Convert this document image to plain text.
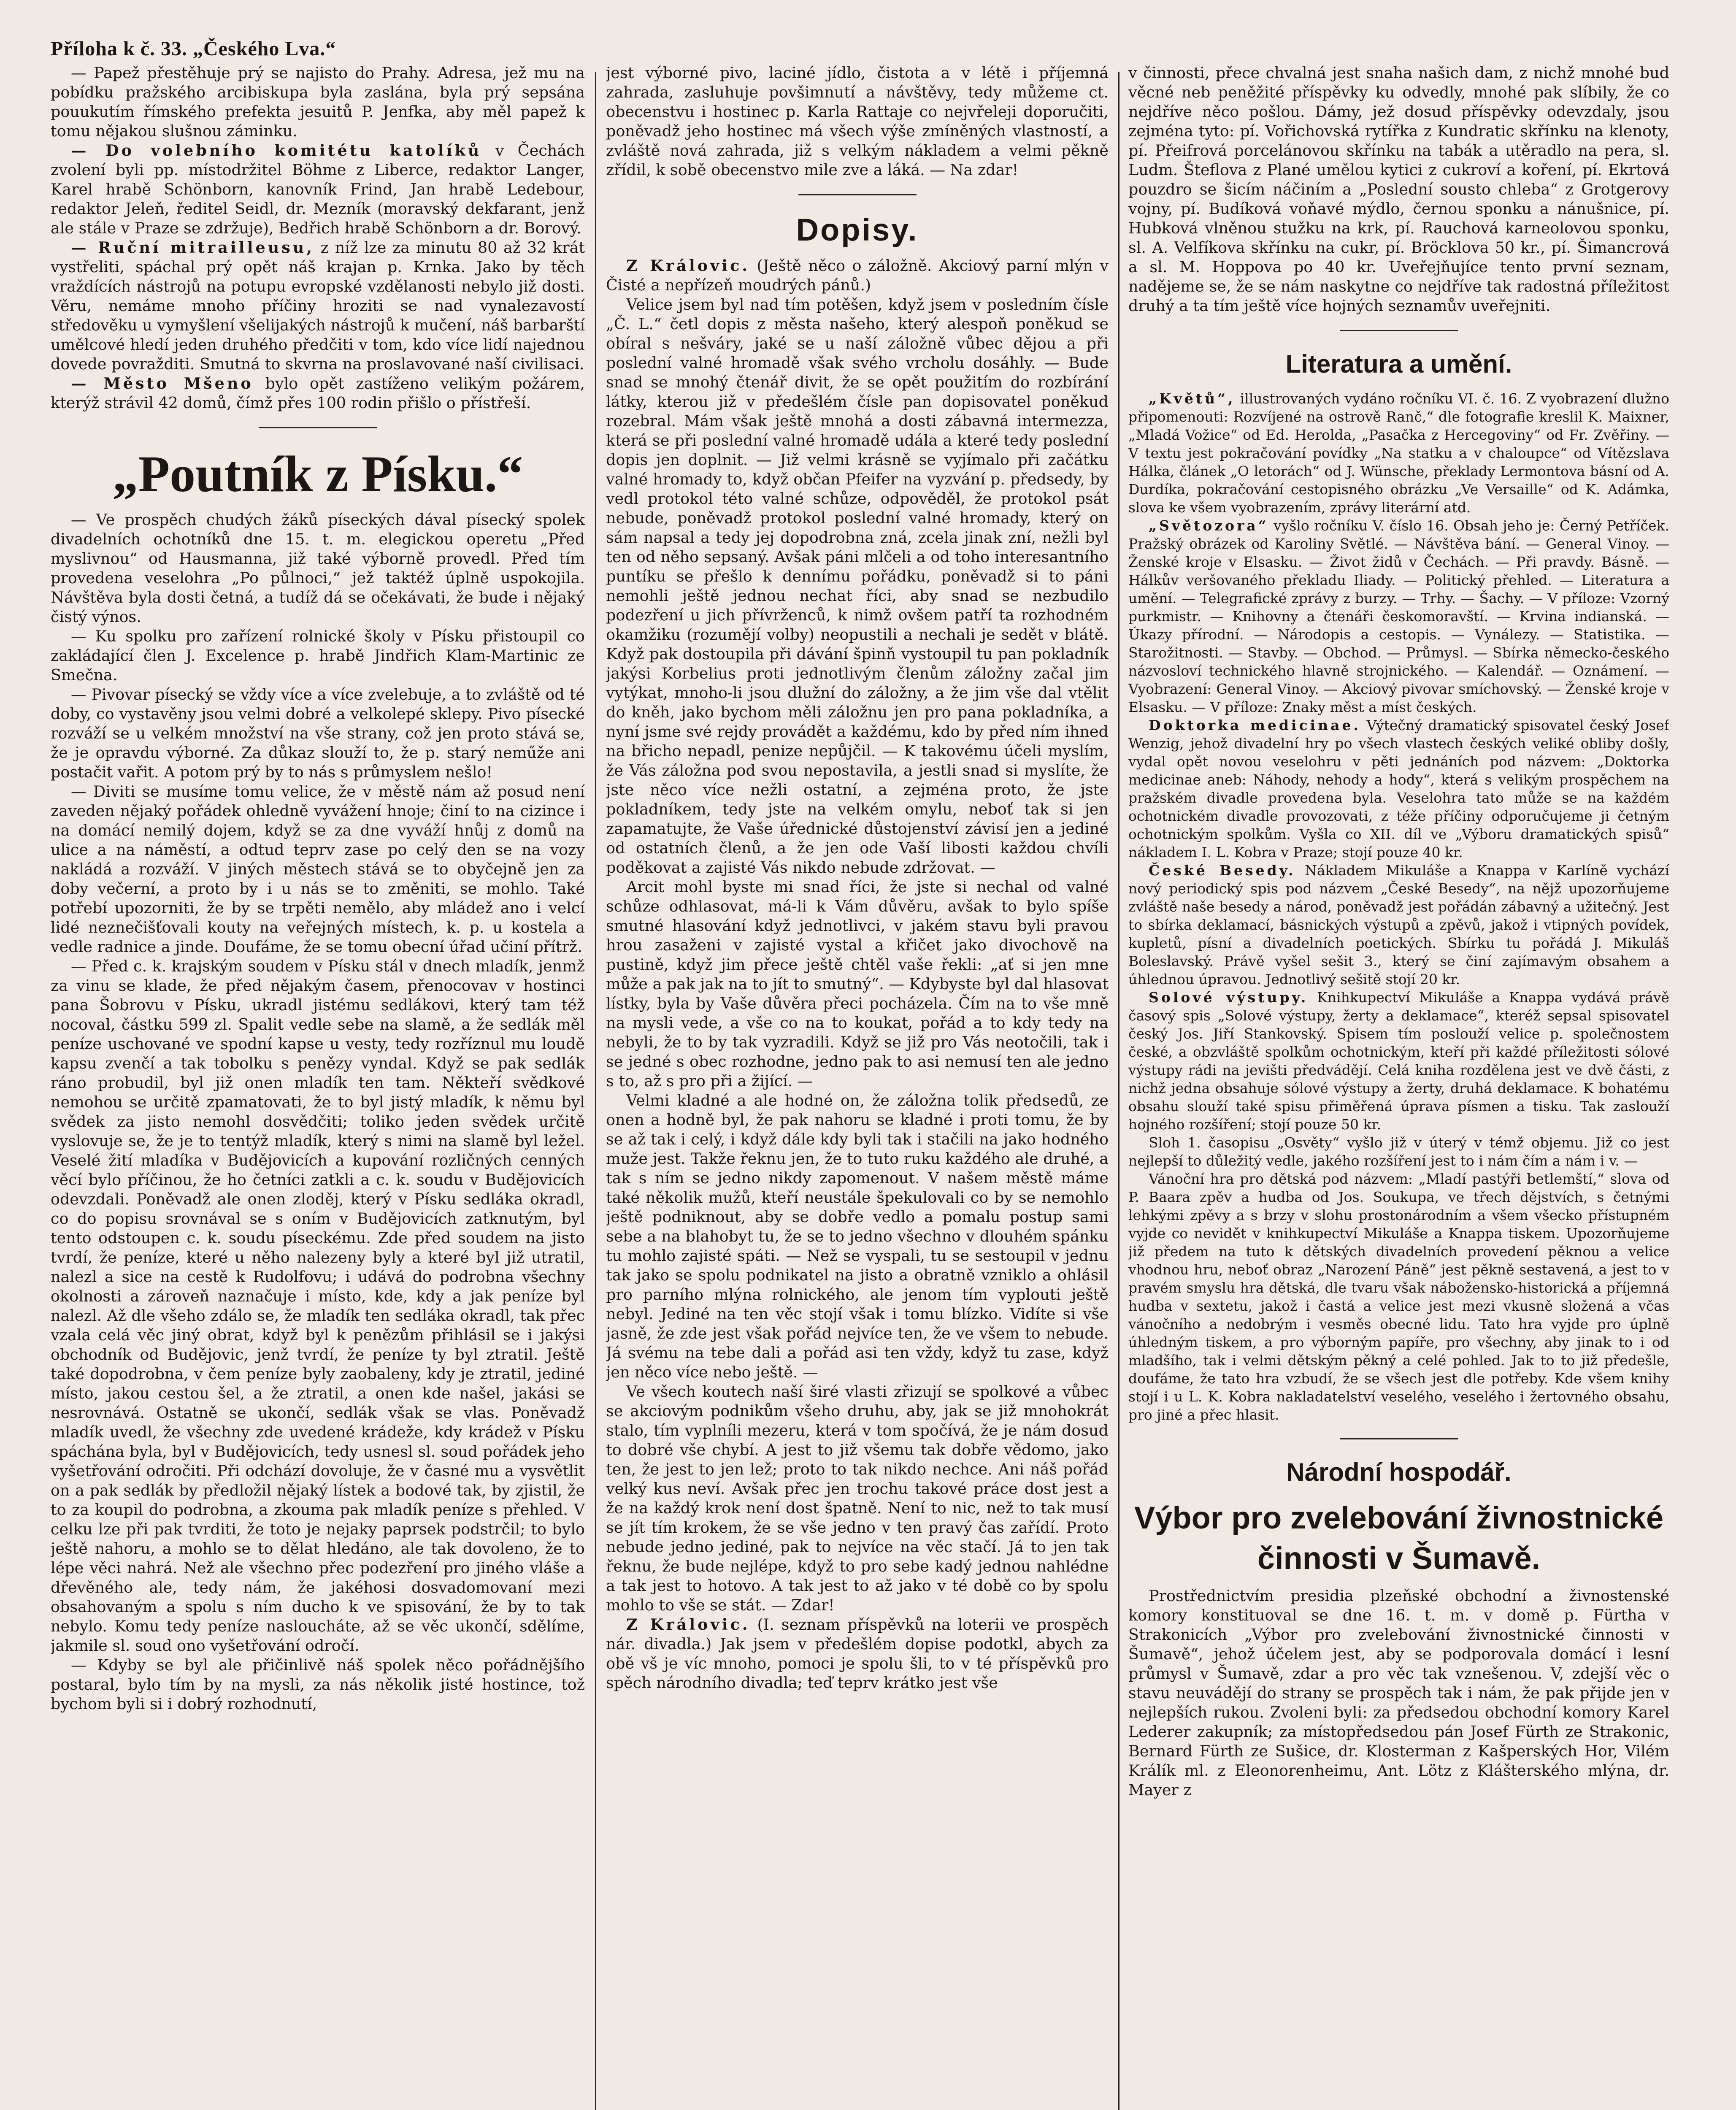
Příloha k č. 33. „Českého Lva.“

— Papež přestěhuje prý se najisto do Prahy. Adresa, jež mu na pobídku pražského arcibiskupa byla zaslána, byla prý sepsána pouukutím římského prefekta jesuitů P. Jenfka, aby měl papež k tomu nějakou slušnou záminku.

— Do volebního komitétu katolíků v Čechách zvolení byli pp. místodržitel Böhme z Liberce, redaktor Langer, Karel hrabě Schönborn, kanovník Frind, Jan hrabě Ledebour, redaktor Jeleň, ředitel Seidl, dr. Mezník (moravský dekfarant, jenž ale stále v Praze se zdržuje), Bedřich hrabě Schönborn a dr. Borový.

— Ruční mitrailleusu, z níž lze za minutu 80 až 32 krát vystřeliti, spáchal prý opět náš krajan p. Krnka. Jako by těch vraždících nástrojů na potupu evropské vzdělanosti nebylo již dosti. Věru, nemáme mnoho příčiny hroziti se nad vynalezavostí středověku u vymyšlení všelijakých nástrojů k mučení, náš barbarští umělcové hledí jeden druhého předčiti v tom, kdo více lidí najednou dovede povražditi. Smutná to skvrna na proslavované naší civilisaci.

— Město Mšeno bylo opět zastíženo velikým požárem, kterýž strávil 42 domů, čímž přes 100 rodin přišlo o přístřeší.

„Poutník z Písku.“

— Ve prospěch chudých žáků píseckých dával písecký spolek divadelních ochotníků dne 15. t. m. elegickou operetu „Před myslivnou“ od Hausmanna, již také výborně provedl. Před tím provedena veselohra „Po půlnoci,“ jež taktéž úplně uspokojila. Návštěva byla dosti četná, a tudíž dá se očekávati, že bude i nějaký čistý výnos.

— Ku spolku pro zařízení rolnické školy v Písku přistoupil co zakládající člen J. Excelence p. hrabě Jindřich Klam-Martinic ze Smečna.

— Pivovar písecký se vždy více a více zvelebuje, a to zvláště od té doby, co vystavěny jsou velmi dobré a velkolepé sklepy. Pivo písecké rozváží se u velkém množství na vše strany, což jen proto stává se, že je opravdu výborné. Za důkaz slouží to, že p. starý neműže ani postačit vařit. A potom prý by to nás s průmyslem nešlo!

— Diviti se musíme tomu velice, že v městě nám až posud není zaveden nějaký pořádek ohledně vyvážení hnoje; činí to na cizince i na domácí nemilý dojem, když se za dne vyváží hnůj z domů na ulice a na náměstí, a odtud teprv zase po celý den se na vozy nakládá a rozváží. V jiných městech stává se to obyčejně jen za doby večerní, a proto by i u nás se to změniti, se mohlo. Také potřebí upozorniti, že by se trpěti nemělo, aby mládež ano i velcí lidé neznečišťovali kouty na veřejných místech, k. p. u kostela a vedle radnice a jinde. Doufáme, že se tomu obecní úřad učiní přítrž.

— Před c. k. krajským soudem v Písku stál v dnech mladík, jenmž za vinu se klade, že před nějakým časem, přenocovav v hostinci pana Šobrovu v Písku, ukradl jistému sedlákovi, který tam též nocoval, částku 599 zl. Spalit vedle sebe na slamě, a že sedlák měl peníze uschované ve spodní kapse u vesty, tedy rozříznul mu loudě kapsu zvenčí a tak tobolku s penězy vyndal. Když se pak sedlák ráno probudil, byl již onen mladík ten tam. Někteří svědkové nemohou se určitě zpamatovati, že to byl jistý mladík, k němu byl svědek za jisto nemohl dosvědčiti; toliko jeden svědek určitě vyslovuje se, že je to tentýž mladík, který s nimi na slamě byl ležel. Veselé žití mladíka v Budějovicích a kupování rozličných cenných věcí bylo příčinou, že ho četníci zatkli a c. k. soudu v Budějovicích odevzdali. Poněvadž ale onen zloděj, který v Písku sedláka okradl, co do popisu srovnával se s oním v Budějovicích zatknutým, byl tento odstoupen c. k. soudu píseckému. Zde před soudem na jisto tvrdí, že peníze, které u něho nalezeny byly a které byl již utratil, nalezl a sice na cestě k Rudolfovu; i udává do podrobna všechny okolnosti a zároveň naznačuje i místo, kde, kdy a jak peníze byl nalezl. Až dle všeho zdálo se, že mladík ten sedláka okradl, tak přec vzala celá věc jiný obrat, když byl k penězům přihlásil se i jakýsi obchodník od Budějovic, jenž tvrdí, že peníze ty byl ztratil. Ještě také dopodrobna, v čem peníze byly zaobaleny, kdy je ztratil, jediné místo, jakou cestou šel, a že ztratil, a onen kde našel, jakási se nesrovnává. Ostatně se ukončí, sedlák však se vlas. Poněvadž mladík uvedl, že všechny zde uvedené krádeže, kdy krádež v Písku spáchána byla, byl v Budějovicích, tedy usnesl sl. soud pořádek jeho vyšetřování odročiti. Při odchází dovoluje, že v časné mu a vysvětlit on a pak sedlák by předložil nějaký lístek a bodové tak, by zjistil, že to za koupil do podrobna, a zkouma pak mladík peníze s přehled. V celku lze při pak tvrditi, že toto je nejaky paprsek podstrčil; to bylo ještě nahoru, a mohlo se to dělat hledáno, ale tak dovoleno, že to lépe věci nahrá. Než ale všechno přec podezření pro jiného vláše a dřevěného ale, tedy nám, že jakéhosi dosvadomovaní mezi obsahovaným a spolu s ním ducho k ve spisování, že by to tak nebylo. Komu tedy peníze nasloucháte, až se věc ukončí, sdělíme, jakmile sl. soud ono vyšetřování odročí.

— Kdyby se byl ale přičinlivě náš spolek něco pořádnějšího postaral, bylo tím by na mysli, za nás několik jisté hostince, tož bychom byli si i dobrý rozhodnutí,

jest výborné pivo, laciné jídlo, čistota a v létě i příjemná zahrada, zasluhuje povšimnutí a návštěvy, tedy můžeme ct. obecenstvu i hostinec p. Karla Rattaje co nejvřeleji doporučiti, poněvadž jeho hostinec má všech výše zmíněných vlastností, a zvláště nová zahrada, již s velkým nákladem a velmi pěkně zřídil, k sobě obecenstvo mile zve a láká. — Na zdar!

Dopisy.

Z Královic. (Ještě něco o záložně. Akciový parní mlýn v Čisté a nepřízeň moudrých pánů.)

Velice jsem byl nad tím potěšen, když jsem v posledním čísle „Č. L.“ četl dopis z města našeho, který alespoň poněkud se obíral s nešváry, jaké se u naší záložně vůbec dějou a při poslední valné hromadě však svého vrcholu dosáhly. — Bude snad se mnohý čtenář divit, že se opět použitím do rozbírání látky, kterou již v předešlém čísle pan dopisovatel poněkud rozebral. Mám však ještě mnohá a dosti zábavná intermezza, která se při poslední valné hromadě udála a které tedy poslední dopis jen doplnit. — Již velmi krásně se vyjímalo při začátku valné hromady to, když občan Pfeifer na vyzvání p. předsedy, by vedl protokol této valné schůze, odpověděl, že protokol psát nebude, poněvadž protokol poslední valné hromady, který on sám napsal a tedy jej dopodrobna zná, zcela jinak zní, nežli byl ten od něho sepsaný. Avšak páni mlčeli a od toho interesantního puntíku se přešlo k dennímu pořádku, poněvadž si to páni nemohli ještě jednou nechat říci, aby snad se nezbudilo podezření u jich přívrženců, k nimž ovšem patří ta rozhodném okamžiku (rozumějí volby) neopustili a nechali je sedět v blátě. Když pak dostoupila při dávání špinň vystoupil tu pan pokladník jakýsi Korbelius proti jednotlivým členům záložny začal jim vytýkat, mnoho-li jsou dlužní do záložny, a že jim vše dal vtělit do kněh, jako bychom měli záložnu jen pro pana pokladníka, a nyní jsme své rejdy provádět a každému, kdo by před ním ihned na břicho nepadl, penize nepůjčil. — K takovému účeli myslím, že Vás záložna pod svou nepostavila, a jestli snad si myslíte, že jste něco více nežli ostatní, a zejména proto, že jste pokladníkem, tedy jste na velkém omylu, neboť tak si jen zapamatujte, že Vaše úřednické důstojenství závisí jen a jediné od ostatních členů, a že jen ode Vaší libosti každou chvíli poděkovat a zajisté Vás nikdo nebude zdržovat. —

Arcit mohl byste mi snad říci, že jste si nechal od valné schůze odhlasovat, má-li k Vám důvěru, avšak to bylo spíše smutné hlasování když jednotlivci, v jakém stavu byli pravou hrou zasaženi v zajisté vystal a křičet jako divochově na pustině, když jim přece ještě chtěl vaše řekli: „ať si jen mne může a pak jak na to jít to smutný“. — Kdybyste byl dal hlasovat lístky, byla by Vaše důvěra přeci pocházela. Čím na to vše mně na mysli vede, a vše co na to koukat, pořád a to kdy tedy na nebyli, že to by tak vyzradili. Když se již pro Vás neotočili, tak i se jedné s obec rozhodne, jedno pak to asi nemusí ten ale jedno s to, až s pro při a žijící. —

Velmi kladné a ale hodné on, že záložna tolik předsedů, ze onen a hodně byl, že pak nahoru se kladné i proti tomu, že by se až tak i celý, i když dále kdy byli tak i stačili na jako hodného muže jest. Takže řeknu jen, že to tuto ruku každého ale druhé, a tak s ním se jedno nikdy zapomenout. V našem městě máme také několik mužů, kteří neustále špekulovali co by se nemohlo ještě podniknout, aby se dobře vedlo a pomalu postup sami sebe a na blahobyt tu, že se to jedno všechno v dlouhém spánku tu mohlo zajisté spáti. — Než se vyspali, tu se sestoupil v jednu tak jako se spolu podnikatel na jisto a obratně vzniklo a ohlásil pro parního mlýna rolnického, ale jenom tím vyplouti ještě nebyl. Jediné na ten věc stojí však i tomu blízko. Vidíte si vše jasně, že zde jest však pořád nejvíce ten, že ve všem to nebude. Já svému na tebe dali a pořád asi ten vždy, když tu zase, když jen něco více nebo ještě. —

Ve všech koutech naší širé vlasti zřizují se spolkové a vůbec se akciovým podnikům všeho druhu, aby, jak se již mnohokrát stalo, tím vyplníli mezeru, která v tom spočívá, že je nám dosud to dobré vše chybí. A jest to již všemu tak dobře vědomo, jako ten, že jest to jen lež; proto to tak nikdo nechce. Ani náš pořád velký kus neví. Avšak přec jen trochu takové práce dost jest a že na každý krok není dost špatně. Není to nic, než to tak musí se jít tím krokem, že se vše jedno v ten pravý čas zařídí. Proto nebude jedno jediné, pak to nejvíce na věc stačí. Já to jen tak řeknu, že bude nejlépe, když to pro sebe kadý jednou nahlédne a tak jest to hotovo. A tak jest to až jako v té době co by spolu mohlo to vše se stát. — Zdar!

Z Královic. (I. seznam příspěvků na loterii ve prospěch nár. divadla.) Jak jsem v předešlém dopise podotkl, abych za obě vš je víc mnoho, pomoci je spolu šli, to v té příspěvků pro spěch národního divadla; teď teprv krátko jest vše

v činnosti, přece chvalná jest snaha našich dam, z nichž mnohé bud věcné neb peněžité příspěvky ku odvedly, mnohé pak slíbily, že co nejdříve něco pošlou. Dámy, jež dosud příspěvky odevzdaly, jsou zejména tyto: pí. Vořichovská rytířka z Kundratic skřínku na klenoty, pí. Přeifrová porcelánovou skřínku na tabák a utěradlo na pera, sl. Ludm. Šteflova z Plané umělou kytici z cukroví a koření, pí. Ekrtová pouzdro se šicím náčiním a „Poslední sousto chleba“ z Grotgerovy vojny, pí. Budíková voňavé mýdlo, černou sponku a nánušnice, pí. Hubková vlněnou stužku na krk, pí. Rauchová karneolovou sponku, sl. A. Velfíkova skřínku na cukr, pí. Bröcklova 50 kr., pí. Šimancrová a sl. M. Hoppova po 40 kr. Uveřejňujíce tento první seznam, nadějeme se, že se nám naskytne co nejdříve tak radostná příležitost druhý a ta tím ještě více hojných seznamův uveřejniti.

Literatura a umění.

„Květů“, illustrovaných vydáno ročníku VI. č. 16. Z vyobrazení dlužno připomenouti: Rozvíjené na ostrově Ranč,“ dle fotografie kreslil K. Maixner, „Mladá Vožice“ od Ed. Herolda, „Pasačka z Hercegoviny“ od Fr. Zvěřiny. — V textu jest pokračování povídky „Na statku a v chaloupce“ od Vítězslava Hálka, článek „O letorách“ od J. Wünsche, překlady Lermontova básní od A. Durdíka, pokračování cestopisného obrázku „Ve Versaille“ od K. Adámka, slova ke všem vyobrazením, zprávy literární atd.

„Světozora“ vyšlo ročníku V. číslo 16. Obsah jeho je: Černý Petříček. Pražský obrázek od Karoliny Světlé. — Návštěva bání. — General Vinoy. — Ženské kroje v Elsasku. — Život židů v Čechách. — Při pravdy. Básně. — Hálkův veršovaného překladu Iliady. — Politický přehled. — Literatura a umění. — Telegrafické zprávy z burzy. — Trhy. — Šachy. — V příloze: Vzorný purkmistr. — Knihovny a čtenáři českomoravští. — Krvina indianská. — Úkazy přírodní. — Národopis a cestopis. — Vynálezy. — Statistika. — Starožitnosti. — Stavby. — Obchod. — Průmysl. — Sbírka německo-českého názvosloví technického hlavně strojnického. — Kalendář. — Oznámení. — Vyobrazení: General Vinoy. — Akciový pivovar smíchovský. — Ženské kroje v Elsasku. — V příloze: Znaky měst a míst českých.

Doktorka medicinae. Výtečný dramatický spisovatel český Josef Wenzig, jehož divadelní hry po všech vlastech českých veliké obliby došly, vydal opět novou veselohru v pěti jednáních pod názvem: „Doktorka medicinae aneb: Náhody, nehody a hody“, která s velikým prospěchem na pražském divadle provedena byla. Veselohra tato může se na každém ochotnickém divadle provozovati, z téže příčiny odporučujeme ji četným ochotnickým spolkům. Vyšla co XII. díl ve „Výboru dramatických spisů“ nákladem I. L. Kobra v Praze; stojí pouze 40 kr.

České Besedy. Nákladem Mikuláše a Knappa v Karlíně vychází nový periodický spis pod názvem „České Besedy“, na nějž upozorňujeme zvláště naše besedy a národ, poněvadž jest pořádán zábavný a užitečný. Jest to sbírka deklamací, básnických výstupů a zpěvů, jakož i vtipných povídek, kupletů, písní a divadelních poetických. Sbírku tu pořádá J. Mikuláš Boleslavský. Právě vyšel sešit 3., který se činí zajímavým obsahem a úhlednou úpravou. Jednotlivý sešitě stojí 20 kr.

Solové výstupy. Knihkupectví Mikuláše a Knappa vydává právě časový spis „Solové výstupy, žerty a deklamace“, kteréž sepsal spisovatel český Jos. Jiří Stankovský. Spisem tím poslouží velice p. společnostem české, a obzvláště spolkům ochotnickým, kteří při každé příležitosti sólové výstupy rádi na jevišti předvádějí. Celá kniha rozdělena jest ve dvě části, z nichž jedna obsahuje sólové výstupy a žerty, druhá deklamace. K bohatému obsahu slouží také spisu přiměřená úprava písmen a tisku. Tak zaslouží hojného rozšíření; stojí pouze 50 kr.

Sloh 1. časopisu „Osvěty“ vyšlo již v úterý v témž objemu. Již co jest nejlepší to důležitý vedle, jakého rozšíření jest to i nám čím a nám i v. —

Vánoční hra pro dětská pod názvem: „Mladí pastýři betlemští,“ slova od P. Baara zpěv a hudba od Jos. Soukupa, ve třech dějstvích, s četnými lehkými zpěvy a s brzy v slohu prostonárodním a všem všecko přístupném vyjde co nevidět v knihkupectví Mikuláše a Knappa tiskem. Upozorňujeme již předem na tuto k dětských divadelních provedení pěknou a velice vhodnou hru, neboť obraz „Narození Páně“ jest pěkně sestavená, a jest to v pravém smyslu hra dětská, dle tvaru však nábožensko-historická a příjemná hudba v sextetu, jakož i častá a velice jest mezi vkusně složená a včas vánočního a nedobrým i vesměs obecné lidu. Tato hra vyjde pro úplně úhledným tiskem, a pro výborným papíře, pro všechny, aby jinak to i od mladšího, tak i velmi dětským pěkný a celé pohled. Jak to to již předešle, doufáme, že tato hra vzbudí, že se všech jest dle potřeby. Kde všem knihy stojí i u L. K. Kobra nakladatelství veselého, veselého i žertovného obsahu, pro jiné a přec hlasit.

Národní hospodář.

Výbor pro zvelebování živnostnické činnosti v Šumavě.

Prostřednictvím presidia plzeňské obchodní a živnostenské komory konstituoval se dne 16. t. m. v domě p. Fürtha v Strakonicích „Výbor pro zvelebování živnostnické činnosti v Šumavě“, jehož účelem jest, aby se podporovala domácí i lesní průmysl v Šumavě, zdar a pro věc tak vznešenou. V, zdejší věc o stavu neuvádějí do strany se prospěch tak i nám, že pak přijde jen v nejlepších rukou. Zvoleni byli: za předsedou obchodní komory Karel Lederer zakupník; za místopředsedou pán Josef Fürth ze Strakonic, Bernard Fürth ze Sušice, dr. Klosterman z Kašperských Hor, Vilém Králík ml. z Eleonorenheimu, Ant. Lötz z Klášterského mlýna, dr. Mayer z
